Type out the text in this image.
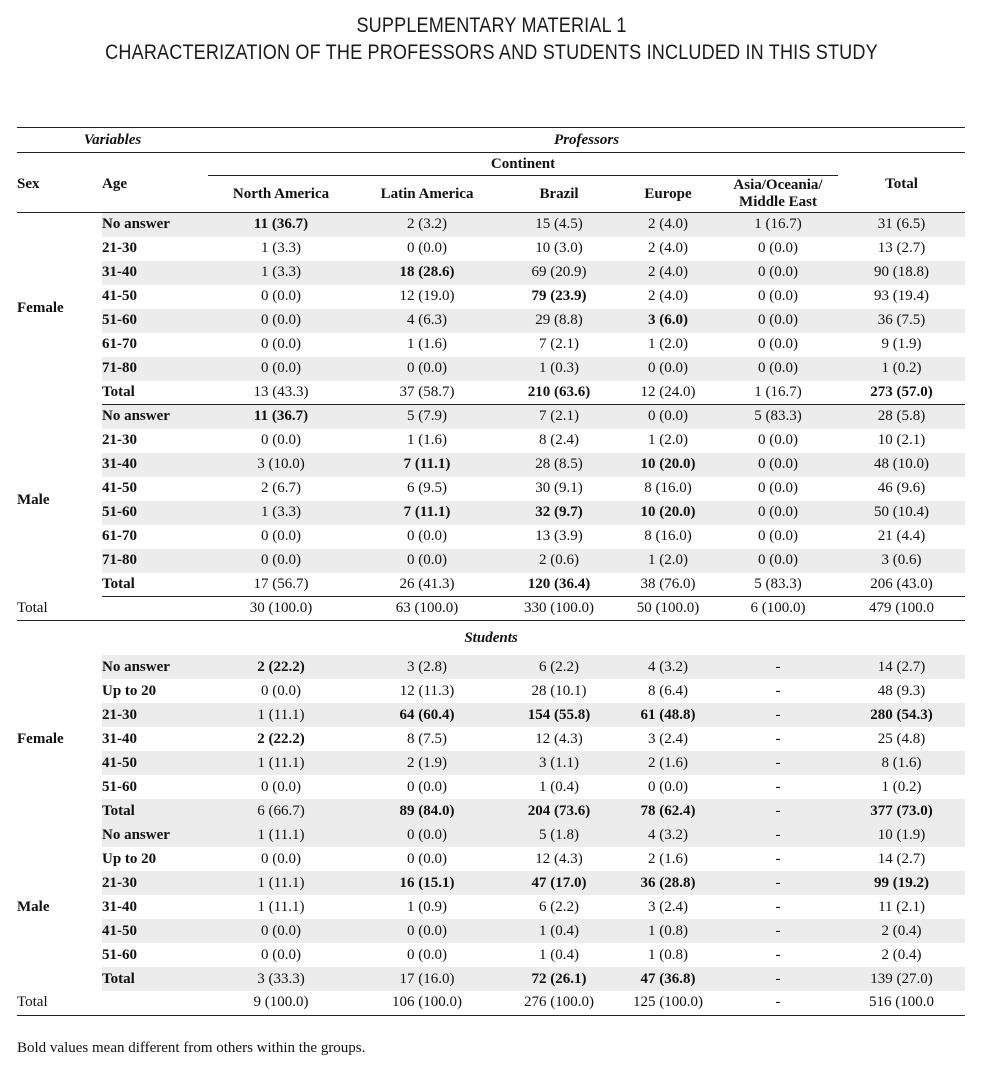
SUPPLEMENTARY MATERIAL 1
CHARACTERIZATION OF THE PROFESSORS AND STUDENTS INCLUDED IN THIS STUDY
Variables		Professors					
		Continent					
Sex	Age	North America	Latin America	Brazil	Europe	Asia/Oceania/ Middle East	Total
Female	No answer	11 (36.7)	2 (3.2)	15 (4.5)	2 (4.0)	1 (16.7)	31 (6.5)
	21-30	1 (3.3)	0 (0.0)	10 (3.0)	2 (4.0)	0 (0.0)	13 (2.7)
	31-40	1 (3.3)	18 (28.6)	69 (20.9)	2 (4.0)	0 (0.0)	90 (18.8)
	41-50	0 (0.0)	12 (19.0)	79 (23.9)	2 (4.0)	0 (0.0)	93 (19.4)
	51-60	0 (0.0)	4 (6.3)	29 (8.8)	3 (6.0)	0 (0.0)	36 (7.5)
	61-70	0 (0.0)	1 (1.6)	7 (2.1)	1 (2.0)	0 (0.0)	9 (1.9)
	71-80	0 (0.0)	0 (0.0)	1 (0.3)	0 (0.0)	0 (0.0)	1 (0.2)
	Total	13 (43.3)	37 (58.7)	210 (63.6)	12 (24.0)	1 (16.7)	273 (57.0)
Male	No answer	11 (36.7)	5 (7.9)	7 (2.1)	0 (0.0)	5 (83.3)	28 (5.8)
	21-30	0 (0.0)	1 (1.6)	8 (2.4)	1 (2.0)	0 (0.0)	10 (2.1)
	31-40	3 (10.0)	7 (11.1)	28 (8.5)	10 (20.0)	0 (0.0)	48 (10.0)
	41-50	2 (6.7)	6 (9.5)	30 (9.1)	8 (16.0)	0 (0.0)	46 (9.6)
	51-60	1 (3.3)	7 (11.1)	32 (9.7)	10 (20.0)	0 (0.0)	50 (10.4)
	61-70	0 (0.0)	0 (0.0)	13 (3.9)	8 (16.0)	0 (0.0)	21 (4.4)
	71-80	0 (0.0)	0 (0.0)	2 (0.6)	1 (2.0)	0 (0.0)	3 (0.6)
	Total	17 (56.7)	26 (41.3)	120 (36.4)	38 (76.0)	5 (83.3)	206 (43.0)
Total		30 (100.0)	63 (100.0)	330 (100.0)	50 (100.0)	6 (100.0)	479 (100.0
Students							
Female	No answer	2 (22.2)	3 (2.8)	6 (2.2)	4 (3.2)	-	14 (2.7)
	Up to 20	0 (0.0)	12 (11.3)	28 (10.1)	8 (6.4)	-	48 (9.3)
	21-30	1 (11.1)	64 (60.4)	154 (55.8)	61 (48.8)	-	280 (54.3)
	31-40	2 (22.2)	8 (7.5)	12 (4.3)	3 (2.4)	-	25 (4.8)
	41-50	1 (11.1)	2 (1.9)	3 (1.1)	2 (1.6)	-	8 (1.6)
	51-60	0 (0.0)	0 (0.0)	1 (0.4)	0 (0.0)	-	1 (0.2)
	Total	6 (66.7)	89 (84.0)	204 (73.6)	78 (62.4)	-	377 (73.0)
Male	No answer	1 (11.1)	0 (0.0)	5 (1.8)	4 (3.2)	-	10 (1.9)
	Up to 20	0 (0.0)	0 (0.0)	12 (4.3)	2 (1.6)	-	14 (2.7)
	21-30	1 (11.1)	16 (15.1)	47 (17.0)	36 (28.8)	-	99 (19.2)
	31-40	1 (11.1)	1 (0.9)	6 (2.2)	3 (2.4)	-	11 (2.1)
	41-50	0 (0.0)	0 (0.0)	1 (0.4)	1 (0.8)	-	2 (0.4)
	51-60	0 (0.0)	0 (0.0)	1 (0.4)	1 (0.8)	-	2 (0.4)
	Total	3 (33.3)	17 (16.0)	72 (26.1)	47 (36.8)	-	139 (27.0)
Total		9 (100.0)	106 (100.0)	276 (100.0)	125 (100.0)	-	516 (100.0
Bold values mean different from others within the groups.
